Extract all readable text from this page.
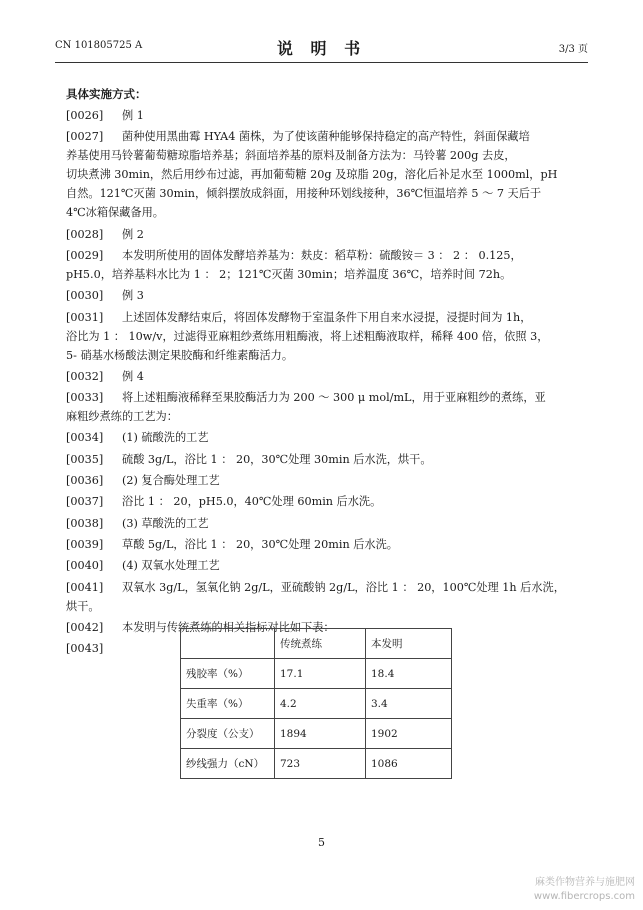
CN 101805725 A	说 明 书	3/3 页
具体实施方式：
[0026]	例 1
[0027]	菌种使用黑曲霉 HYA4 菌株，为了使该菌种能够保持稳定的高产特性，斜面保藏培
养基使用马铃薯葡萄糖琼脂培养基；斜面培养基的原料及制备方法为：马铃薯 200g 去皮，
切块煮沸 30min，然后用纱布过滤，再加葡萄糖 20g 及琼脂 20g，溶化后补足水至 1000ml，pH
自然。121℃灭菌 30min，倾斜摆放成斜面，用接种环划线接种，36℃恒温培养 5 ～ 7 天后于
4℃冰箱保藏备用。
[0028]	例 2
[0029]	本发明所使用的固体发酵培养基为：麸皮：稻草粉：硫酸铵＝ 3 ： 2 ： 0.125，
pH5.0，培养基料水比为 1 ： 2；121℃灭菌 30min；培养温度 36℃，培养时间 72h。
[0030]	例 3
[0031]	上述固体发酵结束后，将固体发酵物于室温条件下用自来水浸提，浸提时间为 1h，
浴比为 1 ： 10w/v，过滤得亚麻粗纱煮练用粗酶液，将上述粗酶液取样，稀释 400 倍，依照 3，
5- 硝基水杨酸法测定果胶酶和纤维素酶活力。
[0032]	例 4
[0033]	将上述粗酶液稀释至果胶酶活力为 200 ～ 300 μ mol/mL，用于亚麻粗纱的煮练，亚
麻粗纱煮练的工艺为：
[0034]	(1) 硫酸洗的工艺
[0035]	硫酸 3g/L，浴比 1 ： 20，30℃处理 30min 后水洗，烘干。
[0036]	(2) 复合酶处理工艺
[0037]	浴比 1 ： 20，pH5.0，40℃处理 60min 后水洗。
[0038]	(3) 草酸洗的工艺
[0039]	草酸 5g/L，浴比 1 ： 20，30℃处理 20min 后水洗。
[0040]	(4) 双氧水处理工艺
[0041]	双氧水 3g/L，氢氧化钠 2g/L，亚硫酸钠 2g/L，浴比 1 ： 20，100℃处理 1h 后水洗，
烘干。
[0042]	本发明与传统煮练的相关指标对比如下表：
[0043]

		传统煮练	本发明
残胶率（%）	17.1	18.4
失重率（%）	4.2	3.4
分裂度（公支）	1894	1902
纱线强力（cN）	723	1086
5
麻类作物营养与施肥网
www.fibercrops.com
